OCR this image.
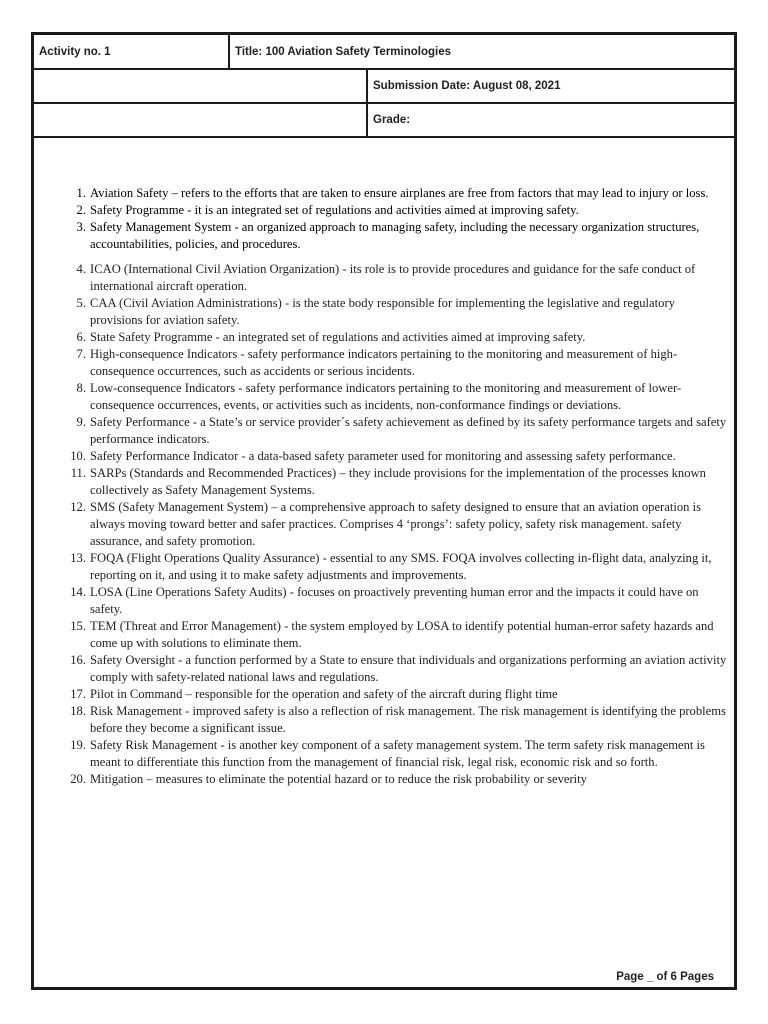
Activity no. 1	Title: 100 Aviation Safety Terminologies	
		Submission Date: August 08, 2021
		Grade:
1. Aviation Safety – refers to the efforts that are taken to ensure airplanes are free from factors that may lead to injury or loss.
2. Safety Programme - it is an integrated set of regulations and activities aimed at improving safety.
3. Safety Management System - an organized approach to managing safety, including the necessary organization structures, accountabilities, policies, and procedures.
4. ICAO (International Civil Aviation Organization) - its role is to provide procedures and guidance for the safe conduct of international aircraft operation.
5. CAA (Civil Aviation Administrations) - is the state body responsible for implementing the legislative and regulatory provisions for aviation safety.
6. State Safety Programme - an integrated set of regulations and activities aimed at improving safety.
7. High-consequence Indicators - safety performance indicators pertaining to the monitoring and measurement of high-consequence occurrences, such as accidents or serious incidents.
8. Low-consequence Indicators - safety performance indicators pertaining to the monitoring and measurement of lower-consequence occurrences, events, or activities such as incidents, non-conformance findings or deviations.
9. Safety Performance - a State’s or service provider´s safety achievement as defined by its safety performance targets and safety performance indicators.
10. Safety Performance Indicator - a data-based safety parameter used for monitoring and assessing safety performance.
11. SARPs (Standards and Recommended Practices) – they include provisions for the implementation of the processes known collectively as Safety Management Systems.
12. SMS (Safety Management System) – a comprehensive approach to safety designed to ensure that an aviation operation is always moving toward better and safer practices. Comprises 4 ‘prongs’: safety policy, safety risk management. safety assurance, and safety promotion.
13. FOQA (Flight Operations Quality Assurance) - essential to any SMS. FOQA involves collecting in-flight data, analyzing it, reporting on it, and using it to make safety adjustments and improvements.
14. LOSA (Line Operations Safety Audits) - focuses on proactively preventing human error and the impacts it could have on safety.
15. TEM (Threat and Error Management) - the system employed by LOSA to identify potential human-error safety hazards and come up with solutions to eliminate them.
16. Safety Oversight - a function performed by a State to ensure that individuals and organizations performing an aviation activity comply with safety-related national laws and regulations.
17. Pilot in Command – responsible for the operation and safety of the aircraft during flight time
18. Risk Management - improved safety is also a reflection of risk management. The risk management is identifying the problems before they become a significant issue.
19. Safety Risk Management - is another key component of a safety management system. The term safety risk management is meant to differentiate this function from the management of financial risk, legal risk, economic risk and so forth.
20. Mitigation – measures to eliminate the potential hazard or to reduce the risk probability or severity
Page _ of 6 Pages
